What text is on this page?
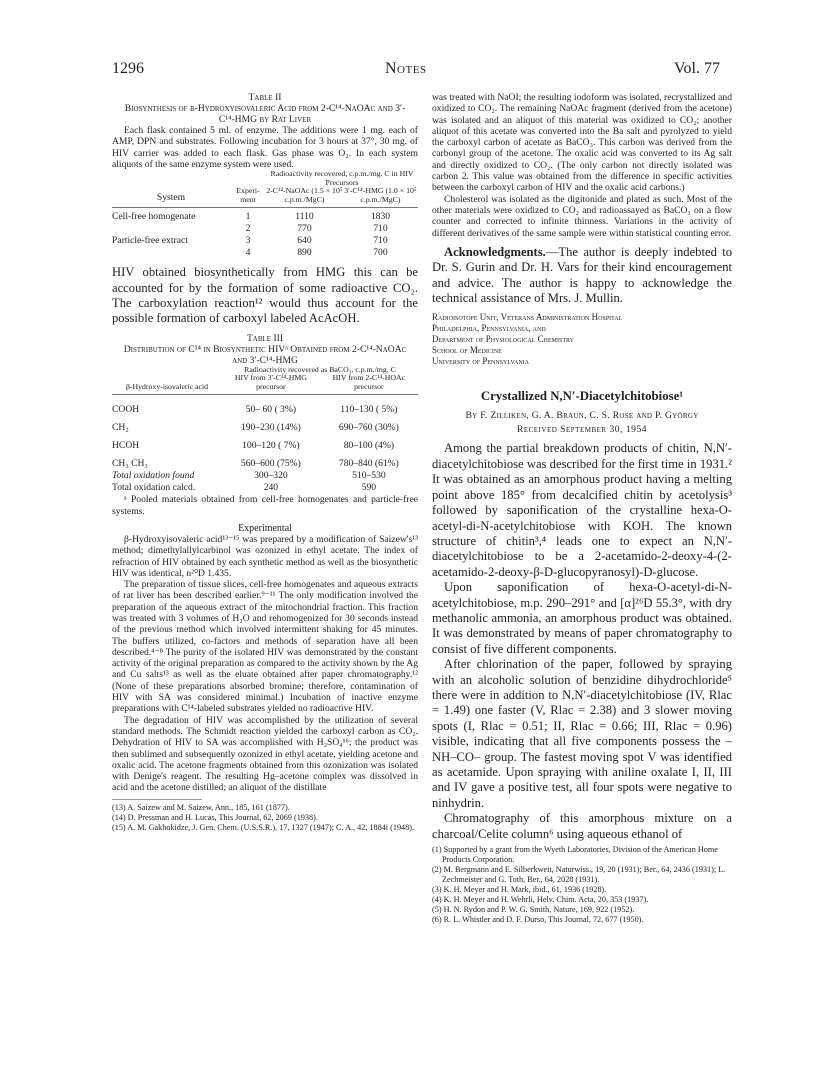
1296	Notes	Vol. 77

Table II

Biosynthesis of β-Hydroxyisovaleric Acid from 2-C¹⁴-NaOAc and 3′-C¹⁴-HMG by Rat Liver

Each flask contained 5 ml. of enzyme. The additions were 1 mg. each of AMP, DPN and substrates. Following incubation for 3 hours at 37°, 30 mg. of HIV carrier was added to each flask. Gas phase was O₂. In each system aliquots of the same enzyme system were used.

		Radioactivity recovered, c.p.m./mg. C in HIV Precursors	

System	Experi-ment	2-C¹⁴-NaOAc (1.5 × 10⁵ c.p.m./MgC)	3′-C¹⁴-HMG (1.0 × 10⁵ c.p.m./MgC)

Cell-free homogenate	1	1110	1830
	2	770	710
Particle-free extract	3	640	710
	4	890	700

HIV obtained biosynthetically from HMG this can be accounted for by the formation of some radioactive CO₂. The carboxylation reaction¹² would thus account for the possible formation of carboxyl labeled AcAcOH.

Table III

Distribution of C¹⁴ in Biosynthetic HIVᵃ Obtained from 2-C¹⁴-NaOAc and 3′-C¹⁴-HMG

	Radioactivity recovered as BaCO₃, c.p.m./mg. C	

β-Hydroxy-isovaleric acid	HIV from 3′-C¹⁴-HMG precursor	HIV from 2-C¹⁴-HOAc precursor

COOH	50– 60 ( 3%)	110–130 ( 5%)
CH₂	190–230 (14%)	690–760 (30%)
HCOH	100–120 ( 7%)	80–100 (4%)
CH₃ CH₃	560–600 (75%)	780–840 (61%)
Total oxidation found	300–320	510–530
Total oxidation calcd.	240	590

ᵃ Pooled materials obtained from cell-free homogenates and particle-free systems.

Experimental

β-Hydroxyisovaleric acid¹³⁻¹⁵ was prepared by a modification of Saizew's¹³ method; dimethylallylcarbinol was ozonized in ethyl acetate. The index of refraction of HIV obtained by each synthetic method as well as the biosynthetic HIV was identical, n²⁰D 1.435.

The preparation of tissue slices, cell-free homogenates and aqueous extracts of rat liver has been described earlier.⁹⁻¹¹ The only modification involved the preparation of the aqueous extract of the mitochondrial fraction. This fraction was treated with 3 volumes of H₂O and rehomogenized for 30 seconds instead of the previous method which involved intermittent shaking for 45 minutes. The buffers utilized, co-factors and methods of separation have all been described.⁴⁻⁸ The purity of the isolated HIV was demonstrated by the constant activity of the original preparation as compared to the activity shown by the Ag and Cu salts¹³ as well as the eluate obtained after paper chromatography.¹² (None of these preparations absorbed bromine; therefore, contamination of HIV with SA was considered minimal.) Incubation of inactive enzyme preparations with C¹⁴-labeled substrates yielded no radioactive HIV.

The degradation of HIV was accomplished by the utilization of several standard methods. The Schmidt reaction yielded the carboxyl carbon as CO₂. Dehydration of HIV to SA was accomplished with H₂SO₄¹⁶; the product was then sublimed and subsequently ozonized in ethyl acetate, yielding acetone and oxalic acid. The acetone fragments obtained from this ozonization was isolated with Denige's reagent. The resulting Hg–acetone complex was dissolved in acid and the acetone distilled; an aliquot of the distillate

(13) A. Saizew and M. Saizew, Ann., 185, 161 (1877).

(14) D. Pressman and H. Lucas, This Journal, 62, 2069 (1938).

(15) A. M. Gakhokidze, J. Gen. Chem. (U.S.S.R.), 17, 1327 (1947); C. A., 42, 1884i (1948).

was treated with NaOI; the resulting iodoform was isolated, recrystallized and oxidized to CO₂. The remaining NaOAc fragment (derived from the acetone) was isolated and an aliquot of this material was oxidized to CO₂; another aliquot of this acetate was converted into the Ba salt and pyrolyzed to yield the carboxyl carbon of acetate as BaCO₃. This carbon was derived from the carbonyl group of the acetone. The oxalic acid was converted to its Ag salt and directly oxidized to CO₂. (The only carbon not directly isolated was carbon 2. This value was obtained from the difference in specific activities between the carboxyl carbon of HIV and the oxalic acid carbons.)

Cholesterol was isolated as the digitonide and plated as such. Most of the other materials were oxidized to CO₂ and radioassayed as BaCO₃ on a flow counter and corrected to infinite thinness. Variations in the activity of different derivatives of the same sample were within statistical counting error.

Acknowledgments.—The author is deeply indebted to Dr. S. Gurin and Dr. H. Vars for their kind encouragement and advice. The author is happy to acknowledge the technical assistance of Mrs. J. Mullin.

Radioisotope Unit, Veterans Administration Hospital

Philadelphia, Pennsylvania, and

Department of Physiological Chemistry

School of Medicine

University of Pennsylvania

Crystallized N,N′-Diacetylchitobiose¹

By F. Zilliken, G. A. Braun, C. S. Rose and P. György

Received September 30, 1954

Among the partial breakdown products of chitin, N,N′-diacetylchitobiose was described for the first time in 1931.² It was obtained as an amorphous product having a melting point above 185° from decalcified chitin by acetolysis³ followed by saponification of the crystalline hexa-O-acetyl-di-N-acetylchitobiose with KOH. The known structure of chitin³,⁴ leads one to expect an N,N′-diacetylchitobiose to be a 2-acetamido-2-deoxy-4-(2-acetamido-2-deoxy-β-D-glucopyranosyl)-D-glucose.

Upon saponification of hexa-O-acetyl-di-N-acetylchitobiose, m.p. 290–291° and [α]²⁶D 55.3°, with dry methanolic ammonia, an amorphous product was obtained. It was demonstrated by means of paper chromatography to consist of five different components.

After chlorination of the paper, followed by spraying with an alcoholic solution of benzidine dihydrochloride⁵ there were in addition to N,N′-diacetylchitobiose (IV, Rlac = 1.49) one faster (V, Rlac = 2.38) and 3 slower moving spots (I, Rlac = 0.51; II, Rlac = 0.66; III, Rlac = 0.96) visible, indicating that all five components possess the –NH–CO– group. The fastest moving spot V was identified as acetamide. Upon spraying with aniline oxalate I, II, III and IV gave a positive test, all four spots were negative to ninhydrin.

Chromatography of this amorphous mixture on a charcoal/Celite column⁶ using aqueous ethanol of

(1) Supported by a grant from the Wyeth Laboratories, Division of the American Home Products Corporation.

(2) M. Bergmann and E. Silberkweit, Naturwiss., 19, 20 (1931); Ber., 64, 2436 (1931); L. Zechmeister and G. Toth, Ber., 64, 2028 (1931).

(3) K. H. Meyer and H. Mark, ibid., 61, 1936 (1928).

(4) K. H. Meyer and H. Wehrli, Helv. Chim. Acta, 20, 353 (1937).

(5) H. N. Rydon and P. W. G. Smith, Nature, 169, 922 (1952).

(6) R. L. Whistler and D. F. Durso, This Journal, 72, 677 (1950).
